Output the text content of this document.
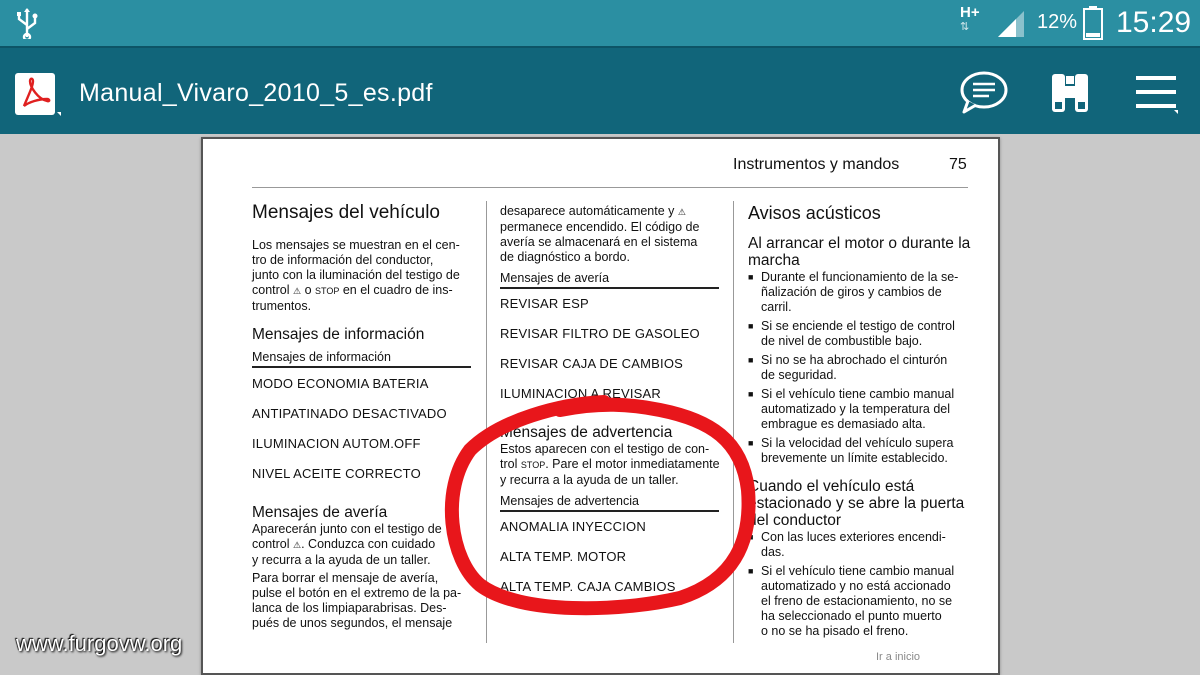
H+
⇅	12% 15:29
Manual_Vivaro_2010_5_es.pdf
Instrumentos y mandos	75
Mensajes del vehículo
Los mensajes se muestran en el cen-
tro de información del conductor,
junto con la iluminación del testigo de
control ⚠ o STOP en el cuadro de ins-
trumentos.
Mensajes de información
Mensajes de información
MODO ECONOMIA BATERIA
ANTIPATINADO DESACTIVADO
ILUMINACION AUTOM.OFF
NIVEL ACEITE CORRECTO
Mensajes de avería
Aparecerán junto con el testigo de
control ⚠. Conduzca con cuidado
y recurra a la ayuda de un taller.
Para borrar el mensaje de avería,
pulse el botón en el extremo de la pa-
lanca de los limpiaparabrisas. Des-
pués de unos segundos, el mensaje
desaparece automáticamente y ⚠
permanece encendido. El código de
avería se almacenará en el sistema
de diagnóstico a bordo.
Mensajes de avería
REVISAR ESP
REVISAR FILTRO DE GASOLEO
REVISAR CAJA DE CAMBIOS
ILUMINACION A REVISAR
Mensajes de advertencia
Estos aparecen con el testigo de con-
trol STOP. Pare el motor inmediatamente
y recurra a la ayuda de un taller.
Mensajes de advertencia
ANOMALIA INYECCION
ALTA TEMP. MOTOR
ALTA TEMP. CAJA CAMBIOS
Avisos acústicos
Al arrancar el motor o durante la
marcha
■ Durante el funcionamiento de la se-
ñalización de giros y cambios de
carril.
■ Si se enciende el testigo de control
de nivel de combustible bajo.
■ Si no se ha abrochado el cinturón
de seguridad.
■ Si el vehículo tiene cambio manual
automatizado y la temperatura del
embrague es demasiado alta.
■ Si la velocidad del vehículo supera
brevemente un límite establecido.
Cuando el vehículo está
estacionado y se abre la puerta
del conductor
■ Con las luces exteriores encendi-
das.
■ Si el vehículo tiene cambio manual
automatizado y no está accionado
el freno de estacionamiento, no se
ha seleccionado el punto muerto
o no se ha pisado el freno.
Ir a inicio
www.furgovw.org
